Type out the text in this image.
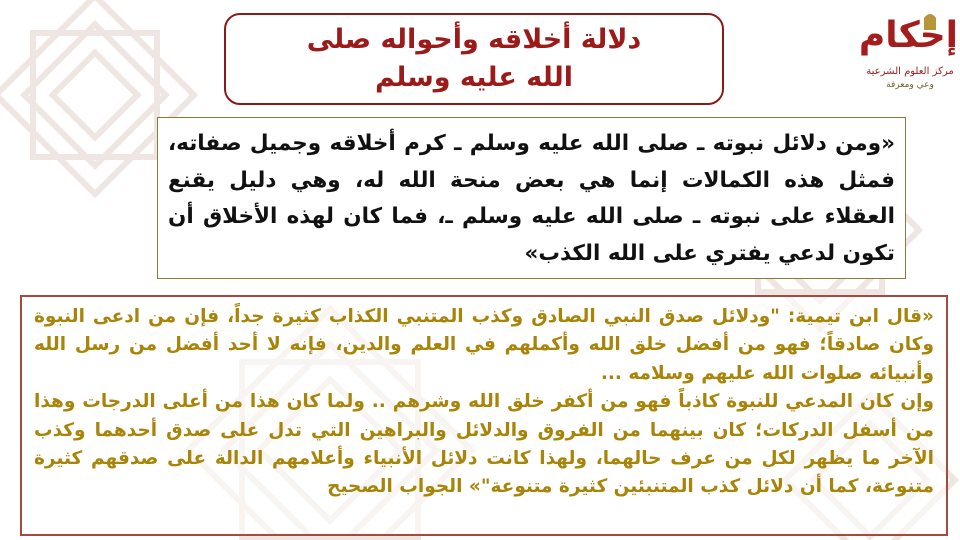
إحكام
مركز العلوم الشرعية
وعي ومعرفة
دلالة أخلاقه وأحواله صلى الله عليه وسلم
«ومن دلائل نبوته ـ صلى الله عليه وسلم ـ كرم أخلاقه وجميل صفاته، فمثل هذه الكمالات إنما هي بعض منحة الله له، وهي دليل يقنع العقلاء على نبوته ـ صلى الله عليه وسلم ـ، فما كان لهذه الأخلاق أن تكون لدعي يفتري على الله الكذب»
«قال ابن تيمية: "ودلائل صدق النبي الصادق وكذب المتنبي الكذاب كثيرة جداً، فإن من ادعى النبوة وكان صادقاً؛ فهو من أفضل خلق الله وأكملهم في العلم والدين، فإنه لا أحد أفضل من رسل الله وأنبيائه صلوات الله عليهم وسلامه ...
وإن كان المدعي للنبوة كاذباً فهو من أكفر خلق الله وشرهم .. ولما كان هذا من أعلى الدرجات وهذا من أسفل الدركات؛ كان بينهما من الفروق والدلائل والبراهين التي تدل على صدق أحدهما وكذب الآخر ما يظهر لكل من عرف حالهما، ولهذا كانت دلائل الأنبياء وأعلامهم الدالة على صدقهم كثيرة متنوعة، كما أن دلائل كذب المتنبئين كثيرة متنوعة"» الجواب الصحيح
